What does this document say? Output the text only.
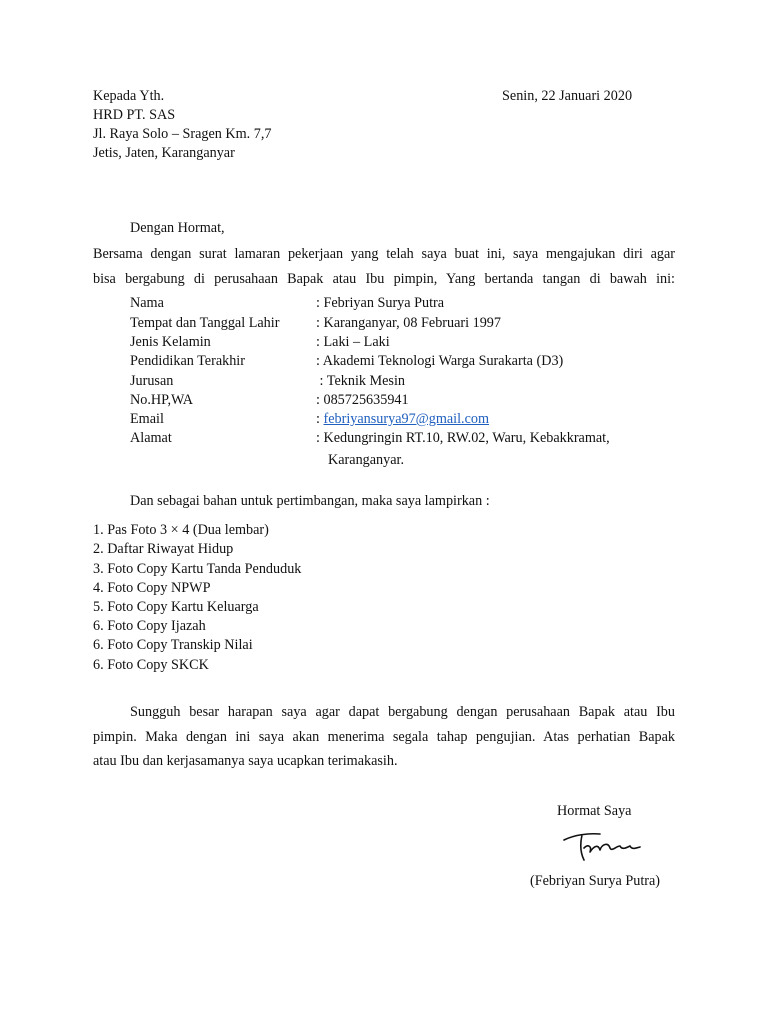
Senin, 22 Januari 2020
Kepada Yth.
HRD PT. SAS
Jl. Raya Solo – Sragen Km. 7,7
Jetis, Jaten, Karanganyar
Dengan Hormat,
Bersama dengan surat lamaran pekerjaan yang telah saya buat ini, saya mengajukan diri agar
bisa bergabung di perusahaan Bapak atau Ibu pimpin, Yang bertanda tangan di bawah ini:
Nama	: Febriyan Surya Putra
Tempat dan Tanggal Lahir	: Karanganyar, 08 Februari 1997
Jenis Kelamin	: Laki – Laki
Pendidikan Terakhir	: Akademi Teknologi Warga Surakarta (D3)
Jurusan	: Teknik Mesin
No.HP,WA	: 085725635941
Email	: febriyansurya97@gmail.com
Alamat	: Kedungringin RT.10, RW.02, Waru, Kebakkramat,
Karanganyar.
Dan sebagai bahan untuk pertimbangan, maka saya lampirkan :
1. Pas Foto 3 × 4 (Dua lembar)
2. Daftar Riwayat Hidup
3. Foto Copy Kartu Tanda Penduduk
4. Foto Copy NPWP
5. Foto Copy Kartu Keluarga
6. Foto Copy Ijazah
6. Foto Copy Transkip Nilai
6. Foto Copy SKCK
Sungguh besar harapan saya agar dapat bergabung dengan perusahaan Bapak atau Ibu
pimpin. Maka dengan ini saya akan menerima segala tahap pengujian. Atas perhatian Bapak
atau Ibu dan kerjasamanya saya ucapkan terimakasih.
Hormat Saya
(Febriyan Surya Putra)
